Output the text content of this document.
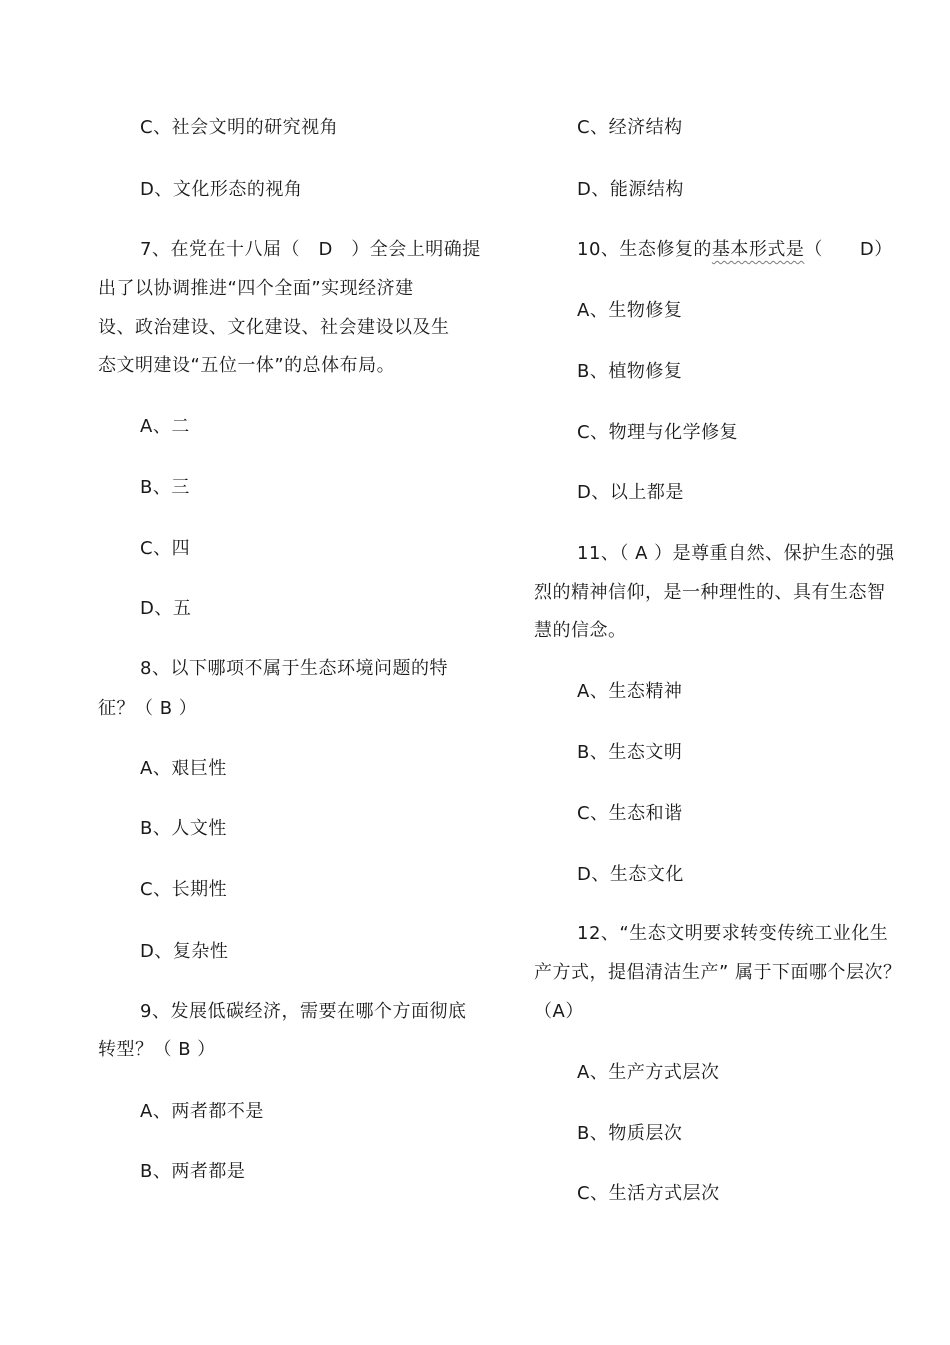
C、社会文明的研究视角
D、文化形态的视角
7、在党在十八届（　D　）全会上明确提
出了以协调推进“四个全面”实现经济建
设、政治建设、文化建设、社会建设以及生
态文明建设“五位一体”的总体布局。
A、二
B、三
C、四
D、五
8、以下哪项不属于生态环境问题的特
征？（ B ）
A、艰巨性
B、人文性
C、长期性
D、复杂性
9、发展低碳经济，需要在哪个方面彻底
转型？（ B ）
A、两者都不是
B、两者都是
C、经济结构
D、能源结构
10、生态修复的基本形式是（　　D）
A、生物修复
B、植物修复
C、物理与化学修复
D、以上都是
11、（ A ）是尊重自然、保护生态的强
烈的精神信仰，是一种理性的、具有生态智
慧的信念。
A、生态精神
B、生态文明
C、生态和谐
D、生态文化
12、“生态文明要求转变传统工业化生
产方式，提倡清洁生产” 属于下面哪个层次？
（A）
A、生产方式层次
B、物质层次
C、生活方式层次
